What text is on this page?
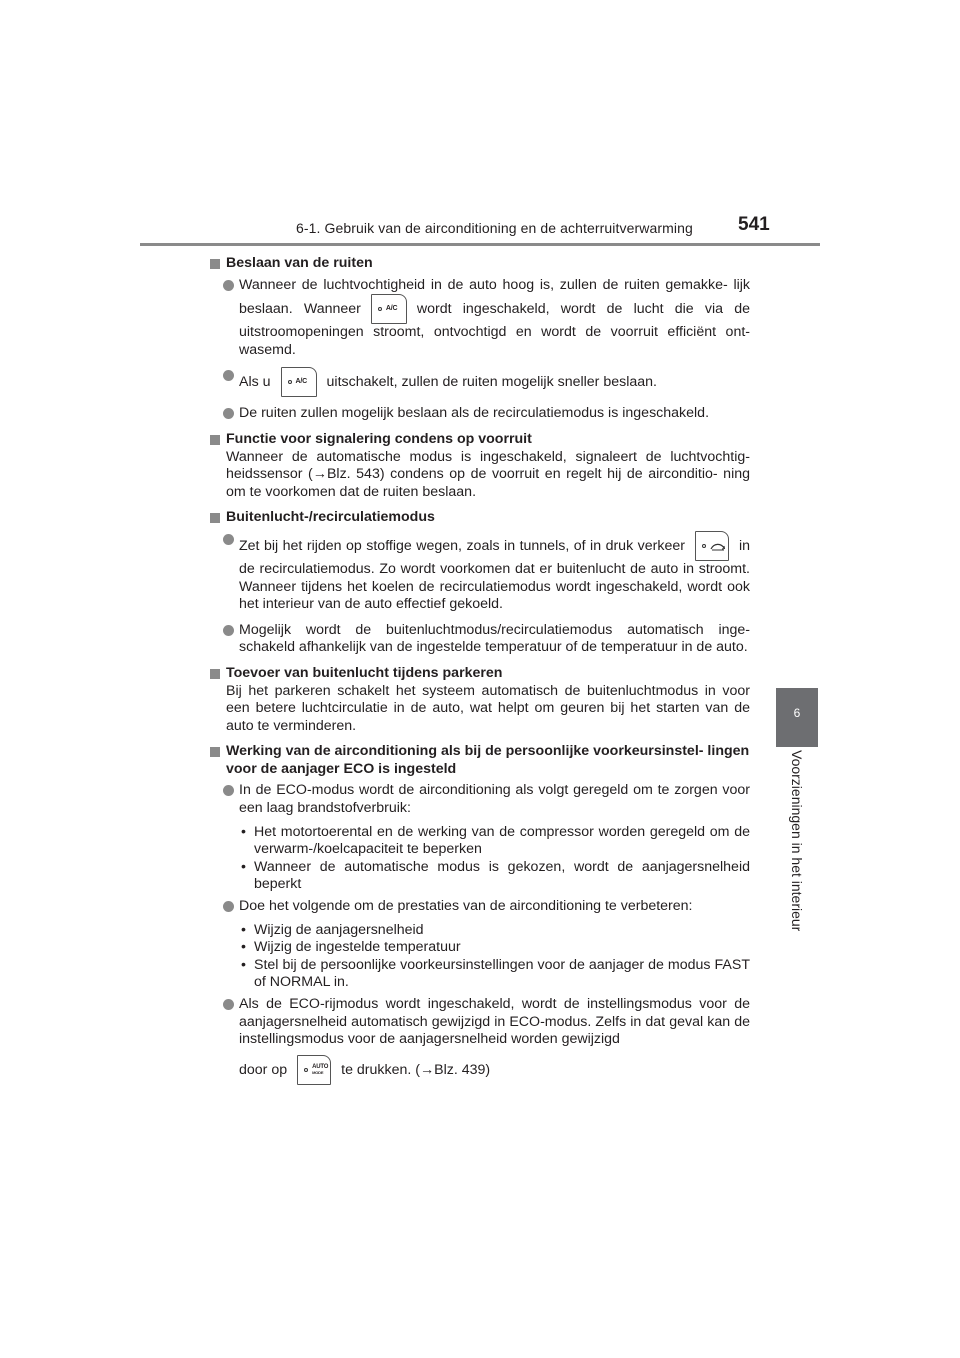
6-1. Gebruik van de airconditioning en de achterruitverwarming 541
6
Voorzieningen in het interieur
Beslaan van de ruiten
Wanneer de luchtvochtigheid in de auto hoog is, zullen de ruiten gemakke- lijk beslaan. Wanneer	A/C wordt ingeschakeld, wordt de lucht die via de uitstroomopeningen stroomt, ontvochtigd en wordt de voorruit efficiënt ont- wasemd.
Als u	A/C uitschakelt, zullen de ruiten mogelijk sneller beslaan.
De ruiten zullen mogelijk beslaan als de recirculatiemodus is ingeschakeld.
Functie voor signalering condens op voorruit
Wanneer de automatische modus is ingeschakeld, signaleert de luchtvochtig- heidssensor (→Blz. 543) condens op de voorruit en regelt hij de airconditio- ning om te voorkomen dat de ruiten beslaan.
Buitenlucht-/recirculatiemodus
Zet bij het rijden op stoffige wegen, zoals in tunnels, of in druk verkeer	in de recirculatiemodus. Zo wordt voorkomen dat er buitenlucht de auto in stroomt. Wanneer tijdens het koelen de recirculatiemodus wordt ingeschakeld, wordt ook het interieur van de auto effectief gekoeld.
Mogelijk wordt de buitenluchtmodus/recirculatiemodus automatisch inge- schakeld afhankelijk van de ingestelde temperatuur of de temperatuur in de auto.
Toevoer van buitenlucht tijdens parkeren
Bij het parkeren schakelt het systeem automatisch de buitenluchtmodus in voor een betere luchtcirculatie in de auto, wat helpt om geuren bij het starten van de auto te verminderen.
Werking van de airconditioning als bij de persoonlijke voorkeursinstel- lingen voor de aanjager ECO is ingesteld
In de ECO-modus wordt de airconditioning als volgt geregeld om te zorgen voor een laag brandstofverbruik:
• Het motortoerental en de werking van de compressor worden geregeld om de verwarm-/koelcapaciteit te beperken
• Wanneer de automatische modus is gekozen, wordt de aanjagersnelheid beperkt
Doe het volgende om de prestaties van de airconditioning te verbeteren:
• Wijzig de aanjagersnelheid
• Wijzig de ingestelde temperatuur
• Stel bij de persoonlijke voorkeursinstellingen voor de aanjager de modus FAST of NORMAL in.
Als de ECO-rijmodus wordt ingeschakeld, wordt de instellingsmodus voor de aanjagersnelheid automatisch gewijzigd in ECO-modus. Zelfs in dat geval kan de instellingsmodus voor de aanjagersnelheid worden gewijzigd
door op	AUTO
MODE	te drukken. (→Blz. 439)
